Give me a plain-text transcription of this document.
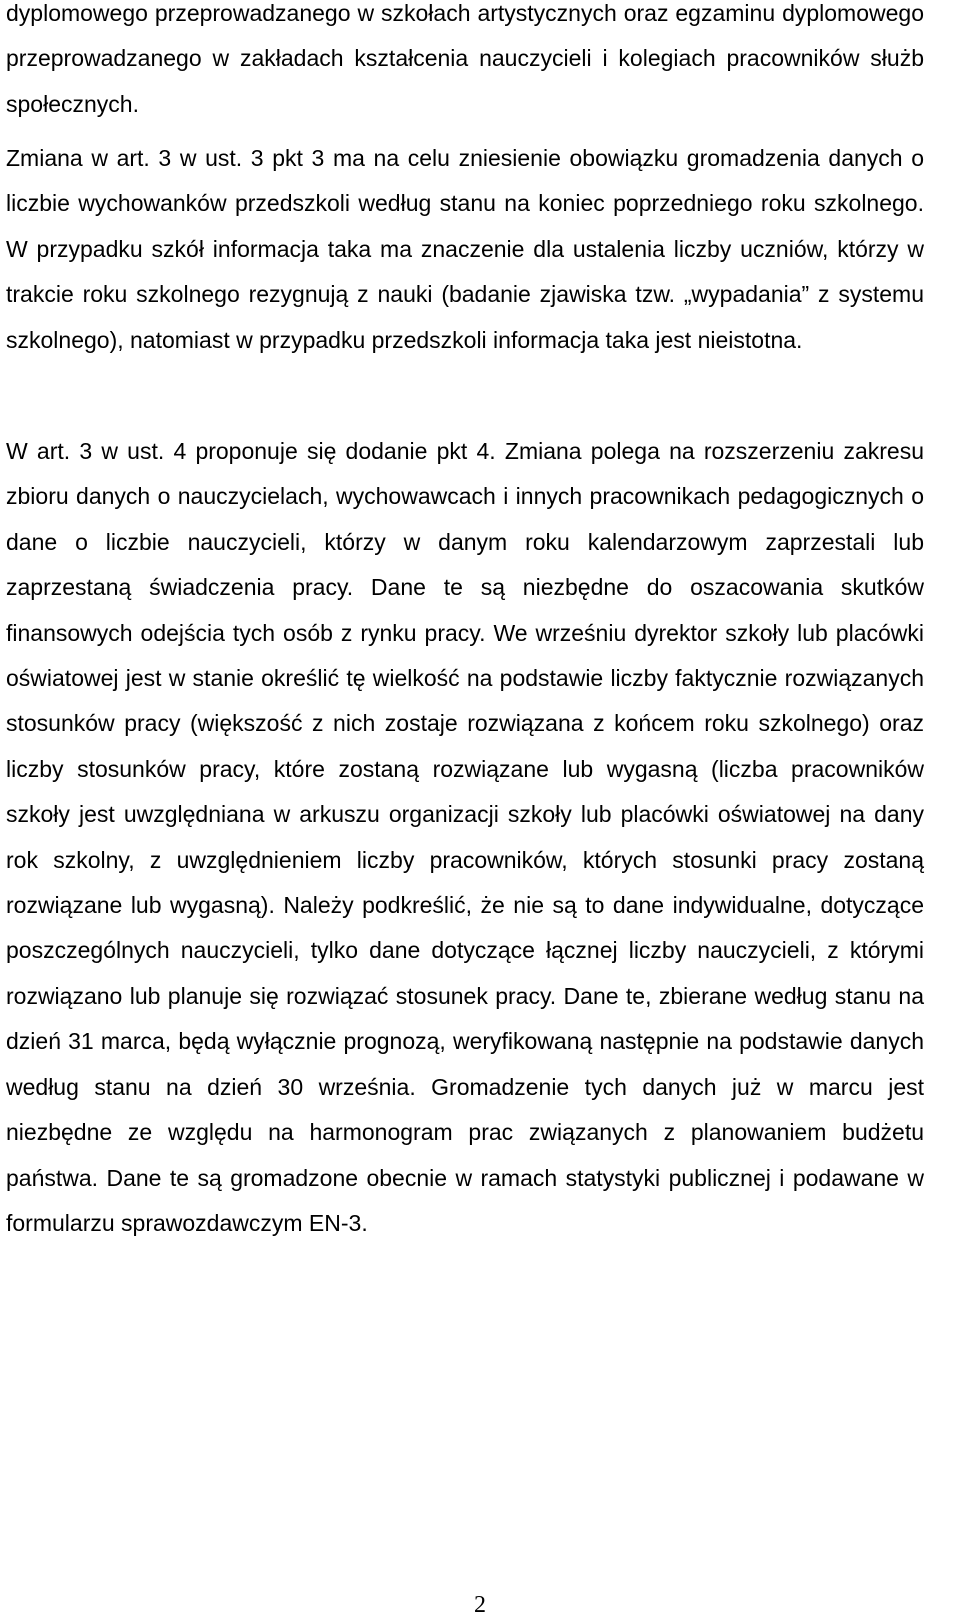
dyplomowego przeprowadzanego w szkołach artystycznych oraz egzaminu dyplomowego przeprowadzanego w zakładach kształcenia nauczycieli i kolegiach pracowników służb społecznych.

Zmiana w art. 3 w ust. 3 pkt 3 ma na celu zniesienie obowiązku gromadzenia danych o liczbie wychowanków przedszkoli według stanu na koniec poprzedniego roku szkolnego. W przypadku szkół informacja taka ma znaczenie dla ustalenia liczby uczniów, którzy w trakcie roku szkolnego rezygnują z nauki (badanie zjawiska tzw. „wypadania” z systemu szkolnego), natomiast w przypadku przedszkoli informacja taka jest nieistotna.

W art. 3 w ust. 4 proponuje się dodanie pkt 4. Zmiana polega na rozszerzeniu zakresu zbioru danych o nauczycielach, wychowawcach i innych pracownikach pedagogicznych o dane o liczbie nauczycieli, którzy w danym roku kalendarzowym zaprzestali lub zaprzestaną świadczenia pracy. Dane te są niezbędne do oszacowania skutków finansowych odejścia tych osób z rynku pracy. We wrześniu dyrektor szkoły lub placówki oświatowej jest w stanie określić tę wielkość na podstawie liczby faktycznie rozwiązanych stosunków pracy (większość z nich zostaje rozwiązana z końcem roku szkolnego) oraz liczby stosunków pracy, które zostaną rozwiązane lub wygasną (liczba pracowników szkoły jest uwzględniana w arkuszu organizacji szkoły lub placówki oświatowej na dany rok szkolny, z uwzględnieniem liczby pracowników, których stosunki pracy zostaną rozwiązane lub wygasną). Należy podkreślić, że nie są to dane indywidualne, dotyczące poszczególnych nauczycieli, tylko dane dotyczące łącznej liczby nauczycieli, z którymi rozwiązano lub planuje się rozwiązać stosunek pracy. Dane te, zbierane według stanu na dzień 31 marca, będą wyłącznie prognozą, weryfikowaną następnie na podstawie danych według stanu na dzień 30 września. Gromadzenie tych danych już w marcu jest niezbędne ze względu na harmonogram prac związanych z planowaniem budżetu państwa. Dane te są gromadzone obecnie w ramach statystyki publicznej i podawane w formularzu sprawozdawczym EN-3.

2
